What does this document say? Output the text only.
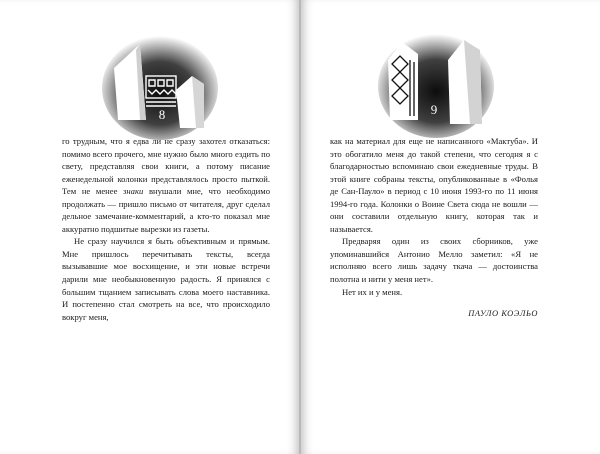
8	9

го трудным, что я едва ли не сразу захотел отказаться: помимо всего прочего, мне нужно было много ездить по свету, представляя свои книги, а потому писание еженедельной колонки представлялось просто пыткой. Тем не менее знаки внушали мне, что необходимо продолжать — пришло письмо от читателя, друг сделал дельное замечание-комментарий, а кто-то показал мне аккуратно подшитые вырезки из газеты.

Не сразу научился я быть объективным и прямым. Мне пришлось перечитывать тексты, всегда вызывавшие мое восхищение, и эти новые встречи дарили мне необыкновенную радость. Я принялся с большим тщанием записывать слова моего наставника. И постепенно стал смотреть на все, что происходило вокруг меня,

как на материал для еще не написанного «Мактуба». И это обогатило меня до такой степени, что сегодня я с благодарностью вспоминаю свои ежедневные труды. В этой книге собраны тексты, опубликованные в «Фолья де Сан-Пауло» в период с 10 июня 1993-го по 11 июня 1994-го года. Колонки о Воине Света сюда не вошли — они составили отдельную книгу, которая так и называется.

Предваряя один из своих сборников, уже упоминавшийся Антонио Мелло заметил: «Я не исполняю всего лишь задачу ткача — достоинства полотна и нити у меня нет».

Нет их и у меня.

ПАУЛО КОЭЛЬО
